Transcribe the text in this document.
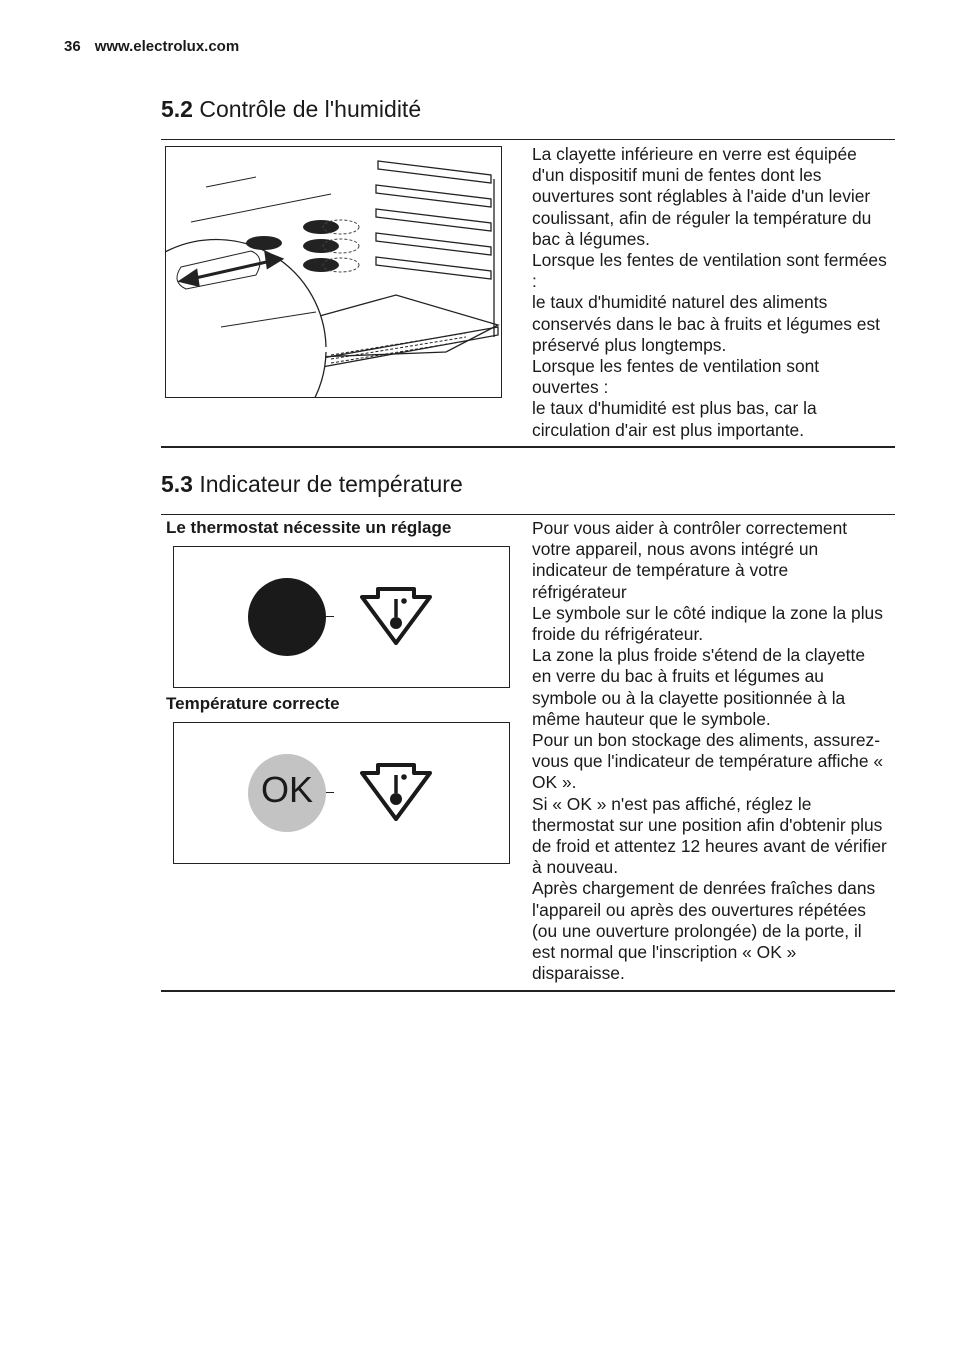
36 www.electrolux.com
5.2 Contrôle de l'humidité

La clayette inférieure en verre est équipée d'un dispositif muni de fentes dont les ouvertures sont réglables à l'aide d'un levier coulissant, afin de réguler la température du bac à légumes.

Lorsque les fentes de ventilation sont fermées :

le taux d'humidité naturel des aliments conservés dans le bac à fruits et légumes est préservé plus longtemps.

Lorsque les fentes de ventilation sont ouvertes :

le taux d'humidité est plus bas, car la circulation d'air est plus importante.

5.3 Indicateur de température
Le thermostat nécessite un réglage
Température correcte
OK

Pour vous aider à contrôler correctement votre appareil, nous avons intégré un indicateur de température à votre réfrigérateur

Le symbole sur le côté indique la zone la plus froide du réfrigérateur.

La zone la plus froide s'étend de la clayette en verre du bac à fruits et légumes au symbole ou à la clayette positionnée à la même hauteur que le symbole.

Pour un bon stockage des aliments, assurez-vous que l'indicateur de température affiche « OK ».

Si « OK » n'est pas affiché, réglez le thermostat sur une position afin d'obtenir plus de froid et attentez 12 heures avant de vérifier à nouveau.

Après chargement de denrées fraîches dans l'appareil ou après des ouvertures répétées (ou une ouverture prolongée) de la porte, il est normal que l'inscription « OK » disparaisse.
